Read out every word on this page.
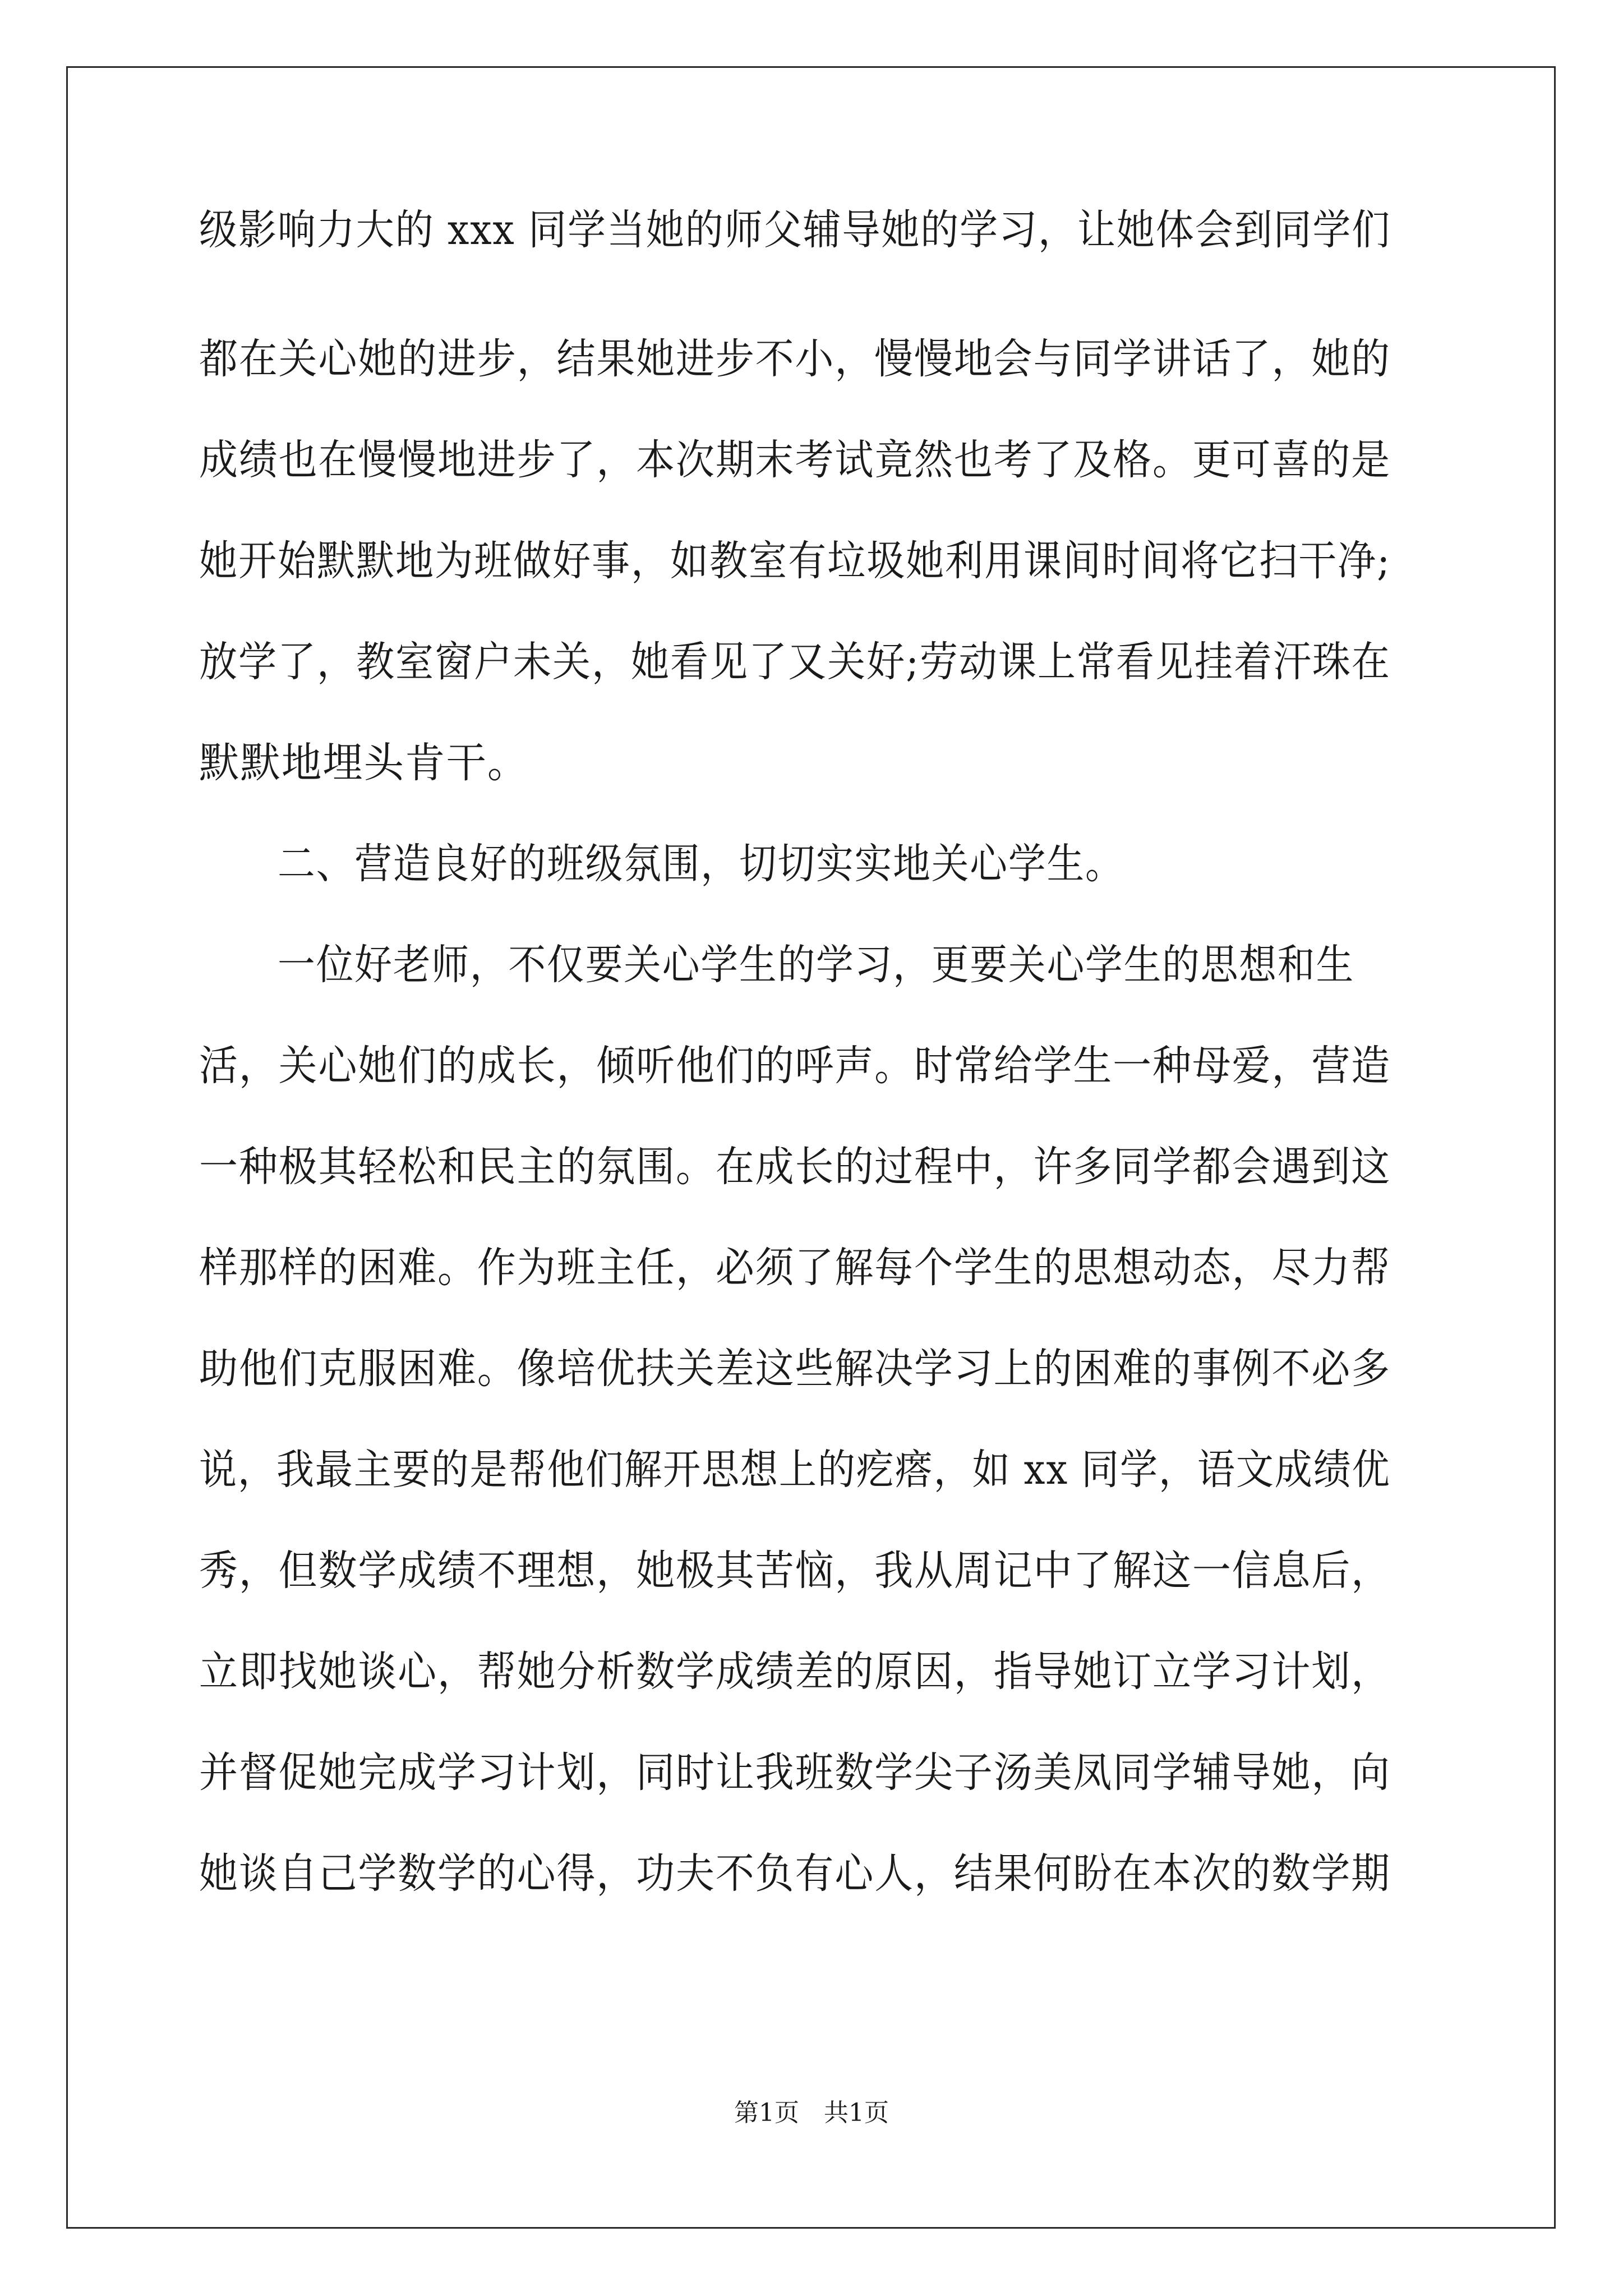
级影响力大的 xxx 同学当她的师父辅导她的学习，让她体会到同学们
都在关心她的进步，结果她进步不小，慢慢地会与同学讲话了，她的
成绩也在慢慢地进步了，本次期末考试竟然也考了及格。更可喜的是
她开始默默地为班做好事，如教室有垃圾她利用课间时间将它扫干净;
放学了，教室窗户未关，她看见了又关好;劳动课上常看见挂着汗珠在
默默地埋头肯干。
二、营造良好的班级氛围，切切实实地关心学生。
一位好老师，不仅要关心学生的学习，更要关心学生的思想和生
活，关心她们的成长，倾听他们的呼声。时常给学生一种母爱，营造
一种极其轻松和民主的氛围。在成长的过程中，许多同学都会遇到这
样那样的困难。作为班主任，必须了解每个学生的思想动态，尽力帮
助他们克服困难。像培优扶关差这些解决学习上的困难的事例不必多
说，我最主要的是帮他们解开思想上的疙瘩，如 xx 同学，语文成绩优
秀，但数学成绩不理想，她极其苦恼，我从周记中了解这一信息后，
立即找她谈心，帮她分析数学成绩差的原因，指导她订立学习计划，
并督促她完成学习计划，同时让我班数学尖子汤美凤同学辅导她，向
她谈自己学数学的心得，功夫不负有心人，结果何盼在本次的数学期
第1页　共1页
